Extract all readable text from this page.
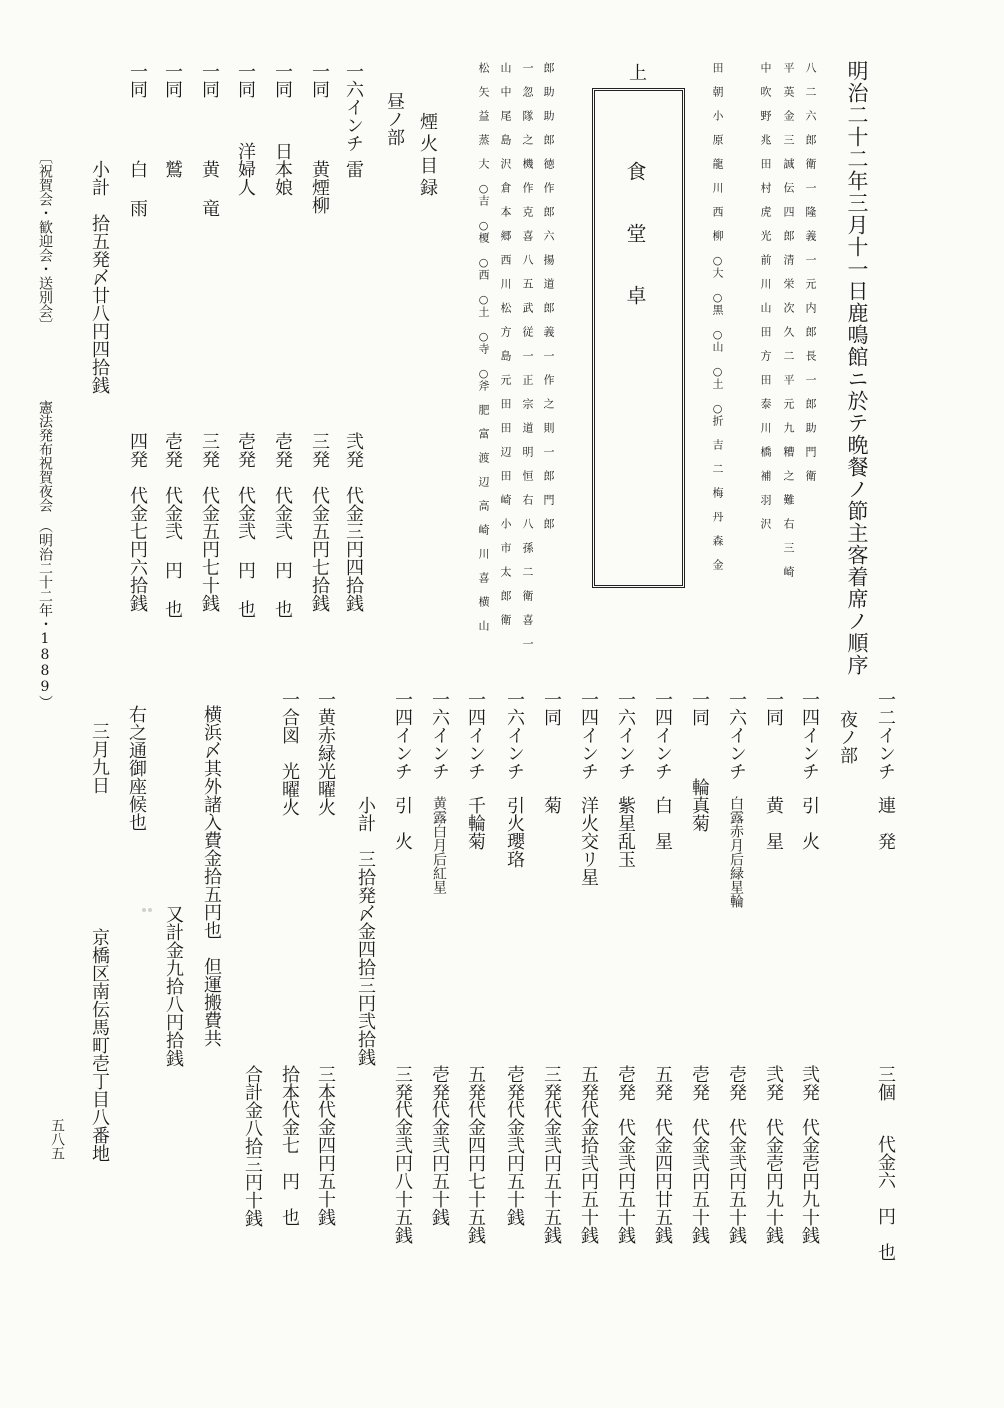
明治二十二年三月十一日鹿鳴館ニ於テ晩餐ノ節主客着席ノ順序
八 二 六 郎 衛 一 隆 義 一 元 内 郎 長 一 郎 助 門 衛
平 英 金 三 誠 伝 四 郎 清 栄 次 久 二 平 元 九 糟 之 難 右 三 崎
中 吹 野 兆 田 村 虎 光 前 川 山 田 方 田 泰 川 橋 補 羽 沢
田 朝 小 原 龍 川 西 柳 ○大 ○黒 ○山 ○土 ○折 吉 二 梅 丹 森 金
上
食堂卓
郎 助 助 郎 徳 作 郎 六 揚 道 郎 義 一 作 之 則 一 郎 門 郎
一 忽 隊 之 機 作 克 喜 八 五 武 従 一 正 宗 道 明 恒 右 八 孫 二 衛 喜 一
山 中 尾 島 沢 倉 本 郷 西 川 松 方 島 元 田 田 辺 田 崎 小 市 太 郎 衛
松 矢 益 蒸 大 ○吉 ○榎 ○西 ○土 ○寺 ○斧 肥 富 渡 辺 高 崎 川 喜 横 山
煙火目録
昼ノ部
一六インチ
雷
弐発
代金三円四拾銭
一同
黄煙柳
三発
代金五円七拾銭
一同
日本娘
壱発
代金弐 円 也
一同
洋婦人
壱発
代金弐 円 也
一同
黄 竜
三発
代金五円七十銭
一同
鷲
壱発
代金弐 円 也
一同
白 雨
四発
代金七円六拾銭
小計　拾五発〆廿八円四拾銭
〔祝賀会・歓迎会・送別会〕
憲法発布祝賀夜会　（明治二十二年・1889）
一二インチ
連　発
三個
代金六　円　也
夜ノ部
一四インチ
引　火
弐発
代金壱円九十銭
一同
黄　星
弐発
代金壱円九十銭
一六インチ
白露赤月后緑星輪
壱発
代金弐円五十銭
一同
輪真菊
壱発
代金弐円五十銭
一四インチ
白　星
五発
代金四円廿五銭
一六インチ
紫星乱玉
壱発
代金弐円五十銭
一四インチ
洋火交リ星
五発
代金拾弐円五十銭
一同
菊
三発
代金弐円五十五銭
一六インチ
引火瓔珞
壱発
代金弐円五十銭
一四インチ
千輪菊
五発
代金四円七十五銭
一六インチ
黄露白月后紅星
壱発
代金弐円五十銭
一四インチ
引　火
三発
代金弐円八十五銭
小計　三拾発〆金四拾三円弐拾銭
一黄赤緑光曜火
三本
代金四円五十銭
一合図　光曜火
拾本
代金七　円　也
合計金八拾三円十銭
横浜〆其外諸入費金拾五円也　但運搬費共
又計金九拾八円拾銭
右之通御座候也
三月九日
京橋区南伝馬町壱丁目八番地
五八五
